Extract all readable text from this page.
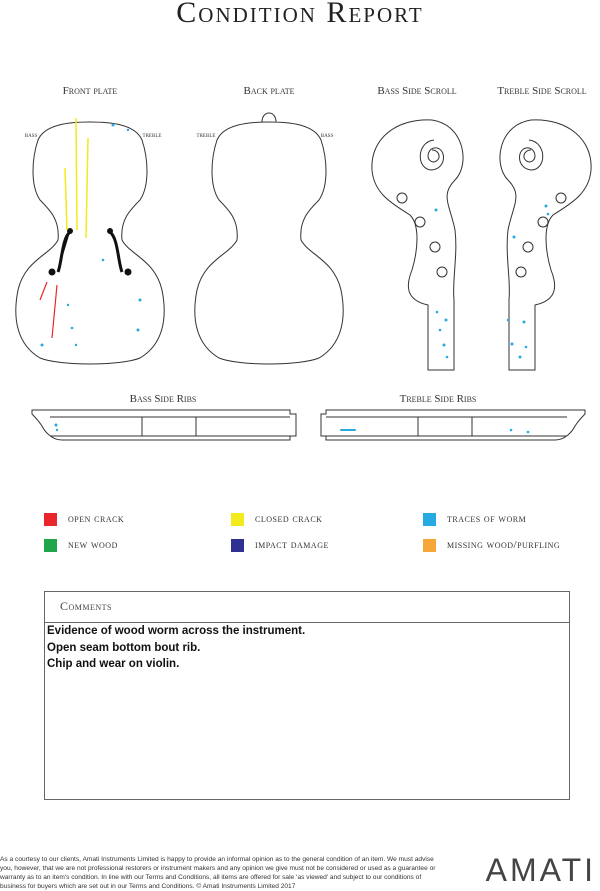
Condition Report
Front plate	Back plate	Bass Side Scroll	Treble Side Scroll
bass	treble	treble	bass
Bass Side Ribs	Treble Side Ribs
open crack	closed crack	traces of worm
new wood	impact damage	missing wood/purfling
Comments
Evidence of wood worm across the instrument.
Open seam bottom bout rib.
Chip and wear on violin.
As a courtesy to our clients, Amati Instruments Limited is happy to provide an informal opinion as to the general condition of an item. We must advise you, however, that we are not professional restorers or instrument makers and any opinion we give must not be considered or used as a guarantee or warranty as to an item's condition. In line with our Terms and Conditions, all items are offered for sale ‘as viewed’ and subject to our conditions of business for buyers which are set out in our Terms and Conditions. © Amati Instruments Limited 2017	AMATI
